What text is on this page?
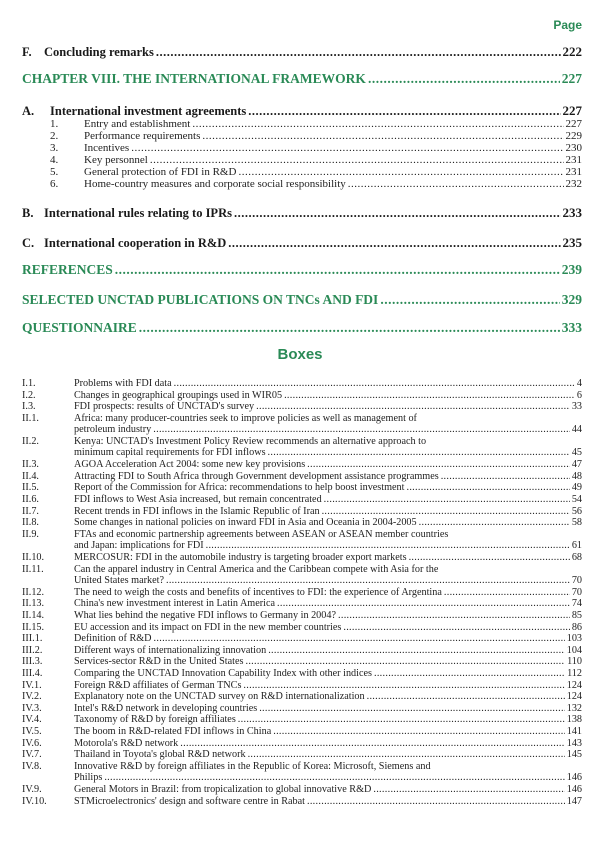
Page
F. Concluding remarks .....	222
CHAPTER VIII. THE INTERNATIONAL FRAMEWORK .....	227
A.	International investment agreements .....	227
1.	Entry and establishment .....	227
2.	Performance requirements .....	229
3.	Incentives .....	230
4.	Key personnel .....	231
5.	General protection of FDI in R&D .....	231
6.	Home-country measures and corporate social responsibility .....	232
B. International rules relating to IPRs .....	233
C. International cooperation in R&D .....	235
REFERENCES .....	239
SELECTED UNCTAD PUBLICATIONS ON TNCs AND FDI .....	329
QUESTIONNAIRE .....	333
Boxes
I.1.	Problems with FDI data .....	4
I.2.	Changes in geographical groupings used in WIR05 .....	6
I.3.	FDI prospects: results of UNCTAD's survey .....	33
II.1.	Africa: many producer-countries seek to improve policies as well as management of
petroleum industry .....	44
II.2.	Kenya: UNCTAD's Investment Policy Review recommends an alternative approach to
minimum capital requirements for FDI inflows .....	45
II.3.	AGOA Acceleration Act 2004: some new key provisions .....	47
II.4.	Attracting FDI to South Africa through Government development assistance programmes .....	48
II.5.	Report of the Commission for Africa: recommendations to help boost investment .....	49
II.6.	FDI inflows to West Asia increased, but remain concentrated .....	54
II.7.	Recent trends in FDI inflows in the Islamic Republic of Iran .....	56
II.8.	Some changes in national policies on inward FDI in Asia and Oceania in 2004-2005 .....	58
II.9.	FTAs and economic partnership agreements between ASEAN or ASEAN member countries
and Japan: implications for FDI .....	61
II.10.	MERCOSUR: FDI in the automobile industry is targeting broader export markets .....	68
II.11.	Can the apparel industry in Central America and the Caribbean compete with Asia for the
United States market? .....	70
II.12.	The need to weigh the costs and benefits of incentives to FDI: the experience of Argentina .....	70
II.13.	China's new investment interest in Latin America .....	74
II.14.	What lies behind the negative FDI inflows to Germany in 2004? .....	85
II.15.	EU accession and its impact on FDI in the new member countries .....	86
III.1.	Definition of R&D .....	103
III.2.	Different ways of internationalizing innovation .....	104
III.3.	Services-sector R&D in the United States .....	110
III.4.	Comparing the UNCTAD Innovation Capability Index with other indices .....	112
IV.1.	Foreign R&D affiliates of German TNCs .....	124
IV.2.	Explanatory note on the UNCTAD survey on R&D internationalization .....	124
IV.3.	Intel's R&D network in developing countries .....	132
IV.4.	Taxonomy of R&D by foreign affiliates .....	138
IV.5.	The boom in R&D-related FDI inflows in China .....	141
IV.6.	Motorola's R&D network .....	143
IV.7.	Thailand in Toyota's global R&D network .....	145
IV.8.	Innovative R&D by foreign affiliates in the Republic of Korea: Microsoft, Siemens and
Philips .....	146
IV.9.	General Motors in Brazil: from tropicalization to global innovative R&D .....	146
IV.10.	STMicroelectronics' design and software centre in Rabat .....	147
